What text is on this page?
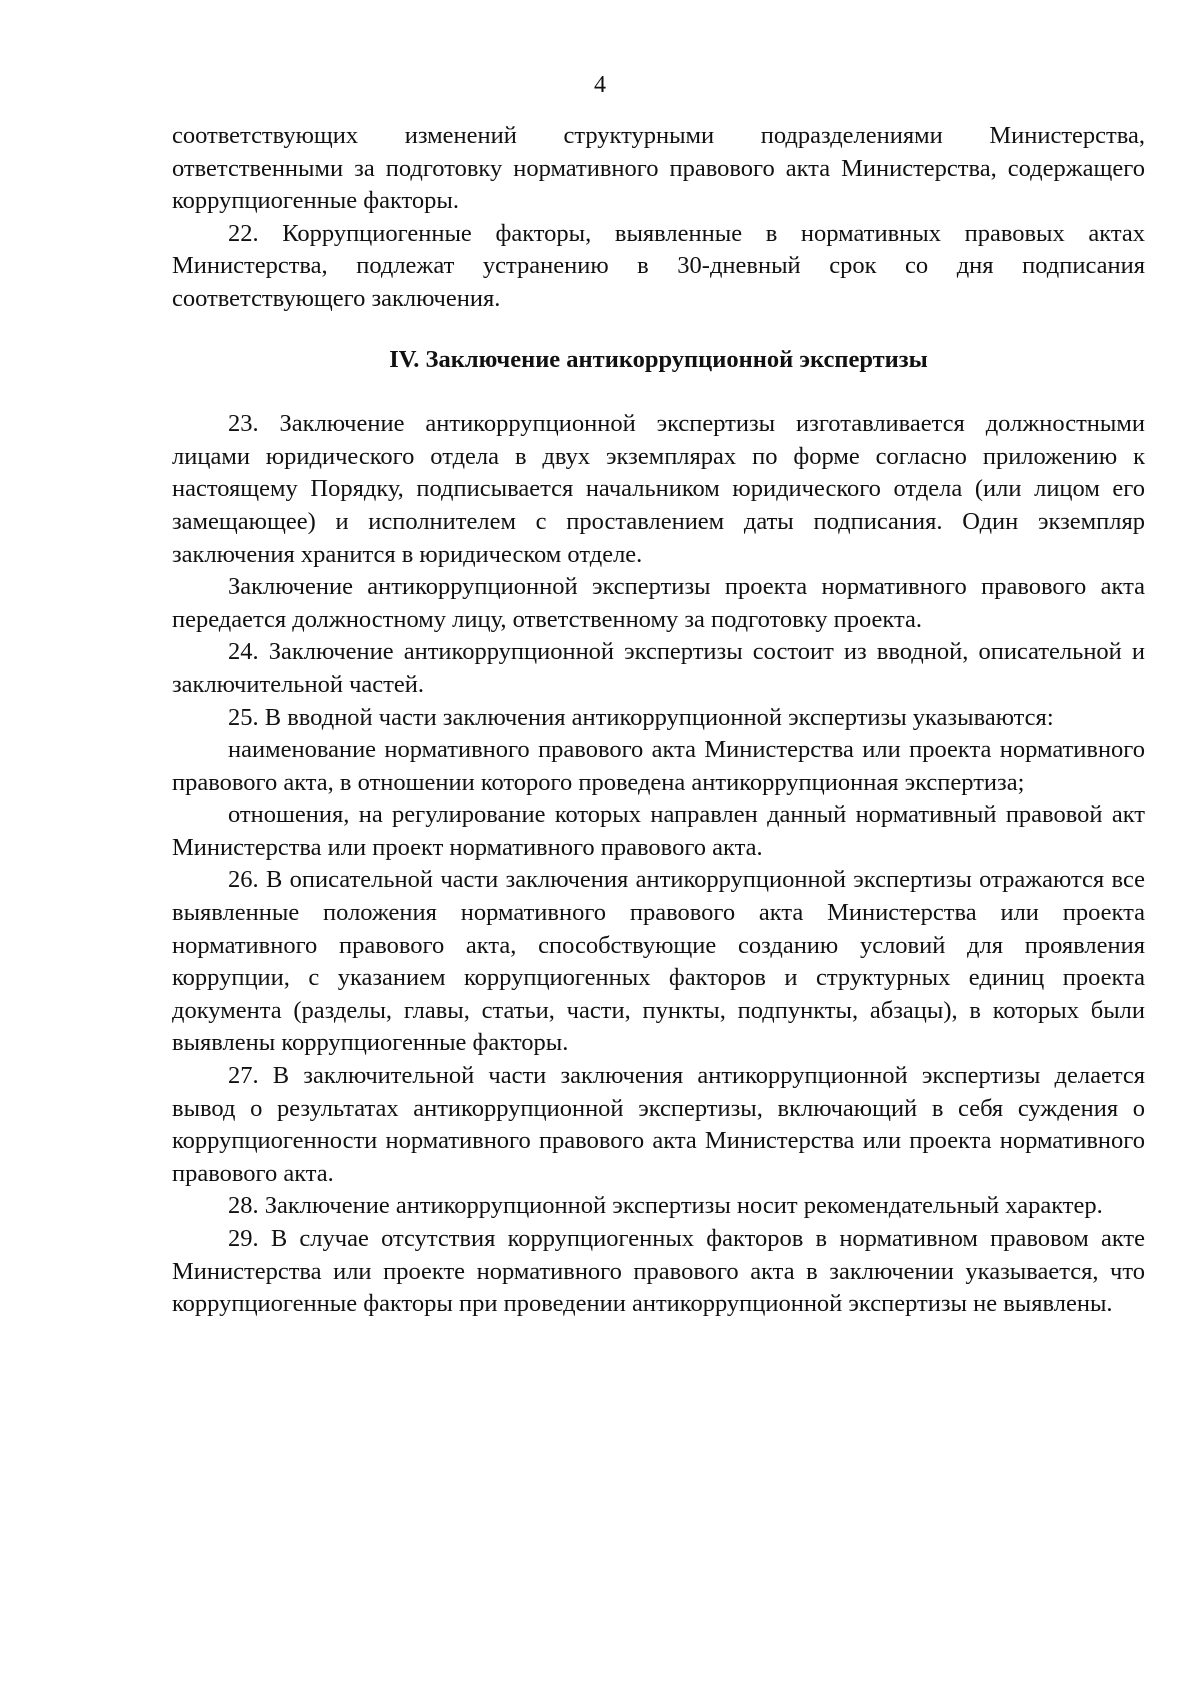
4

соответствующих изменений структурными подразделениями Министерства, ответственными за подготовку нормативного правового акта Министерства, содержащего коррупциогенные факторы.

22. Коррупциогенные факторы, выявленные в нормативных правовых актах Министерства, подлежат устранению в 30-дневный срок со дня подписания соответствующего заключения.

IV. Заключение антикоррупционной экспертизы

23. Заключение антикоррупционной экспертизы изготавливается должностными лицами юридического отдела в двух экземплярах по форме согласно приложению к настоящему Порядку, подписывается начальником юридического отдела (или лицом его замещающее) и исполнителем с проставлением даты подписания. Один экземпляр заключения хранится в юридическом отделе.

Заключение антикоррупционной экспертизы проекта нормативного правового акта передается должностному лицу, ответственному за подготовку проекта.

24. Заключение антикоррупционной экспертизы состоит из вводной, описательной и заключительной частей.

25. В вводной части заключения антикоррупционной экспертизы указываются:

наименование нормативного правового акта Министерства или проекта нормативного правового акта, в отношении которого проведена антикоррупционная экспертиза;

отношения, на регулирование которых направлен данный нормативный правовой акт Министерства или проект нормативного правового акта.

26. В описательной части заключения антикоррупционной экспертизы отражаются все выявленные положения нормативного правового акта Министерства или проекта нормативного правового акта, способствующие созданию условий для проявления коррупции, с указанием коррупциогенных факторов и структурных единиц проекта документа (разделы, главы, статьи, части, пункты, подпункты, абзацы), в которых были выявлены коррупциогенные факторы.

27. В заключительной части заключения антикоррупционной экспертизы делается вывод о результатах антикоррупционной экспертизы, включающий в себя суждения о коррупциогенности нормативного правового акта Министерства или проекта нормативного правового акта.

28. Заключение антикоррупционной экспертизы носит рекомендательный характер.

29. В случае отсутствия коррупциогенных факторов в нормативном правовом акте Министерства или проекте нормативного правового акта в заключении указывается, что коррупциогенные факторы при проведении антикоррупционной экспертизы не выявлены.
